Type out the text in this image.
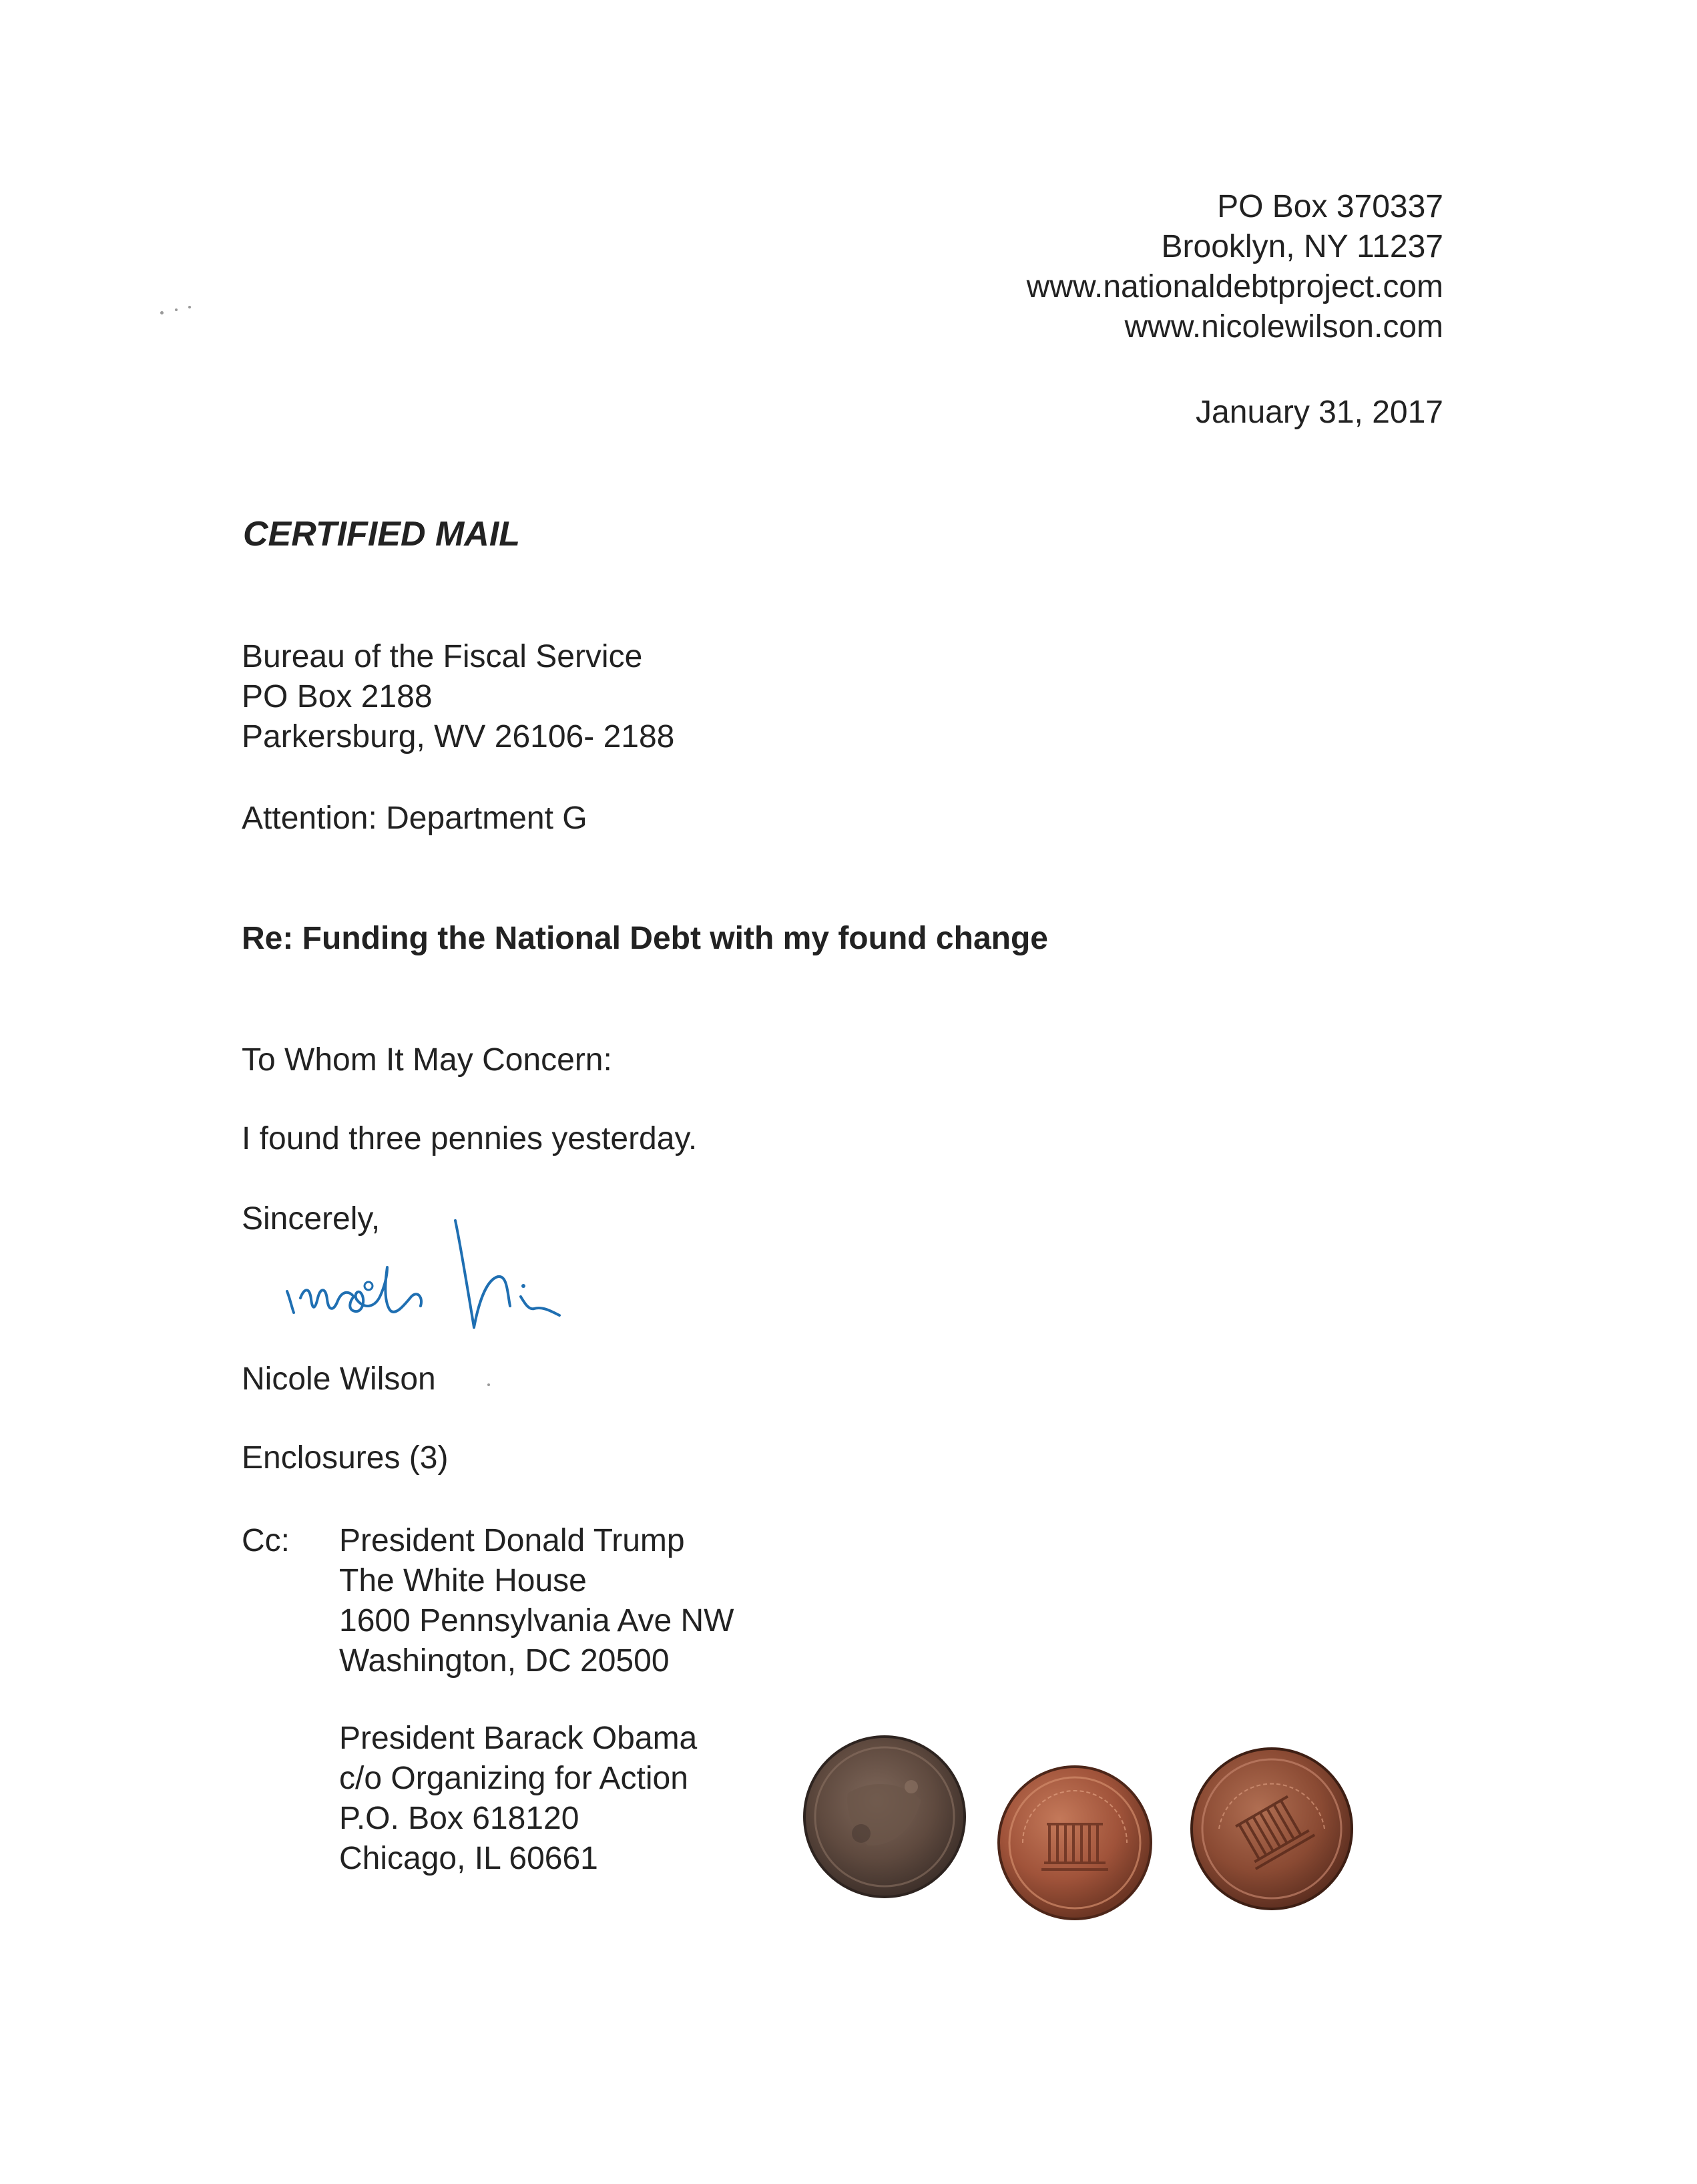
PO Box 370337
Brooklyn, NY 11237
www.nationaldebtproject.com
www.nicolewilson.com
January 31, 2017
CERTIFIED MAIL
Bureau of the Fiscal Service
PO Box 2188
Parkersburg, WV 26106- 2188
Attention: Department G
Re: Funding the National Debt with my found change
To Whom It May Concern:
I found three pennies yesterday.
Sincerely,
Nicole Wilson
Enclosures (3)
Cc: President Donald Trump
The White House
1600 Pennsylvania Ave NW
Washington, DC 20500
President Barack Obama
c/o Organizing for Action
P.O. Box 618120
Chicago, IL 60661
